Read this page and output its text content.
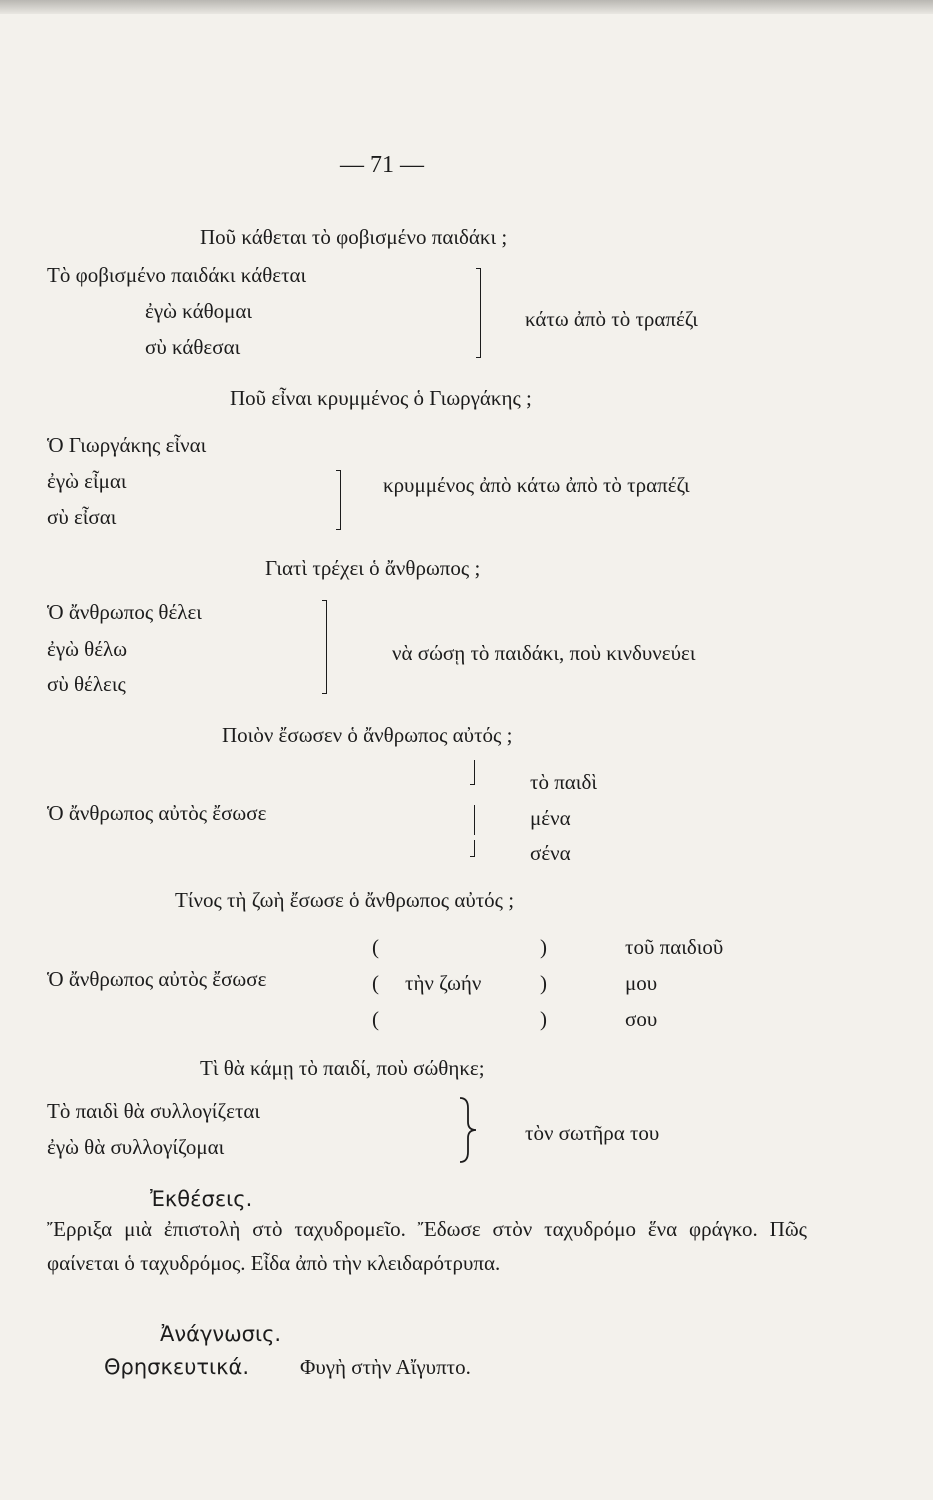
— 71 —
Ποῦ κάθεται τὸ φοβισμένο παιδάκι ;
Τὸ φοβισμένο παιδάκι κάθεται
ἐγὼ κάθομαι
σὺ κάθεσαι
κάτω ἀπὸ τὸ τραπέζι
Ποῦ εἶναι κρυμμένος ὁ Γιωργάκης ;
Ὁ Γιωργάκης εἶναι
ἐγὼ εἶμαι
σὺ εἶσαι
κρυμμένος ἀπὸ κάτω ἀπὸ τὸ τραπέζι
Γιατὶ τρέχει ὁ ἄνθρωπος ;
Ὁ ἄνθρωπος θέλει
ἐγὼ θέλω
σὺ θέλεις
νὰ σώσῃ τὸ παιδάκι, ποὺ κινδυνεύει
Ποιὸν ἔσωσεν ὁ ἄνθρωπος αὐτός ;
Ὁ ἄνθρωπος αὐτὸς ἔσωσε
τὸ παιδὶ
μένα
σένα
Τίνος τὴ ζωὴ ἔσωσε ὁ ἄνθρωπος αὐτός ;
Ὁ ἄνθρωπος αὐτὸς ἔσωσε
(
(
(
τὴν ζωήν
)
)
)
τοῦ παιδιοῦ
μου
σου
Τὶ θὰ κάμῃ τὸ παιδί, ποὺ σώθηκε;
Τὸ παιδὶ θὰ συλλογίζεται
ἐγὼ θὰ συλλογίζομαι
τὸν σωτῆρα του
Ἐκθέσεις.
Ἔρριξα μιὰ ἐπιστολὴ στὸ ταχυδρομεῖο. Ἔδωσε στὸν ταχυδρόμο ἕνα φράγκο. Πῶς φαίνεται ὁ ταχυδρόμος. Εἶδα ἀπὸ τὴν κλειδαρότρυπα.
Ἀνάγνωσις.
Θρησκευτικά. Φυγὴ στὴν Αἴγυπτο.
